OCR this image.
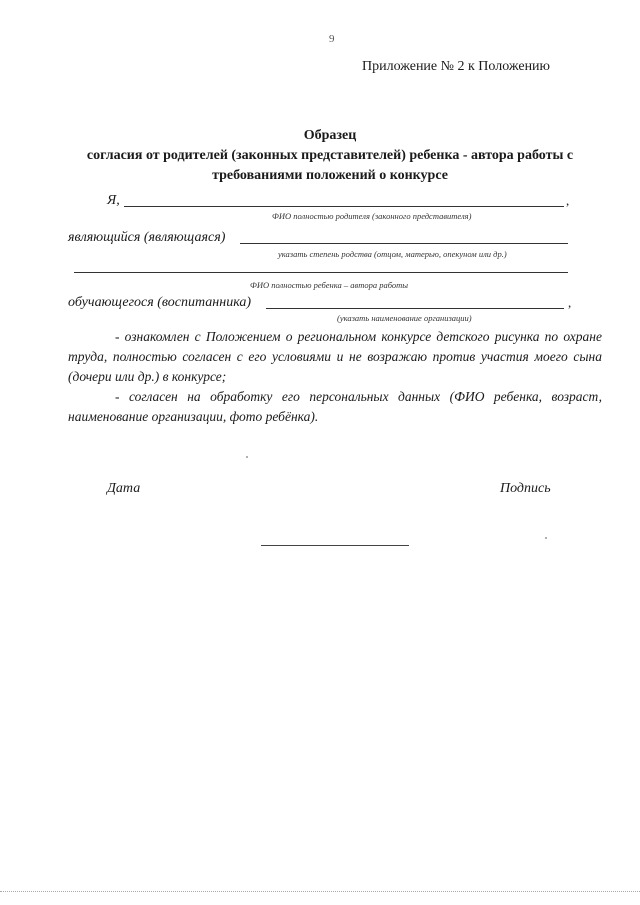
9
Приложение № 2 к Положению
Образец
согласия от родителей (законных представителей) ребенка - автора работы с
требованиями положений о конкурсе
Я,	,
ФИО полностью родителя (законного представителя)
являющийся (являющаяся)
указать степень родства (отцом, матерью, опекуном или др.)
ФИО полностью ребенка – автора работы
обучающегося (воспитанника)	,
(указать наименование организации)

- ознакомлен с Положением о региональном конкурсе детского рисунка по охране труда, полностью согласен с его условиями и не возражаю против участия моего сына (дочери или др.) в конкурсе;

- согласен на обработку его персональных данных (ФИО ребенка, возраст, наименование организации, фото ребёнка).

Дата	Подпись
